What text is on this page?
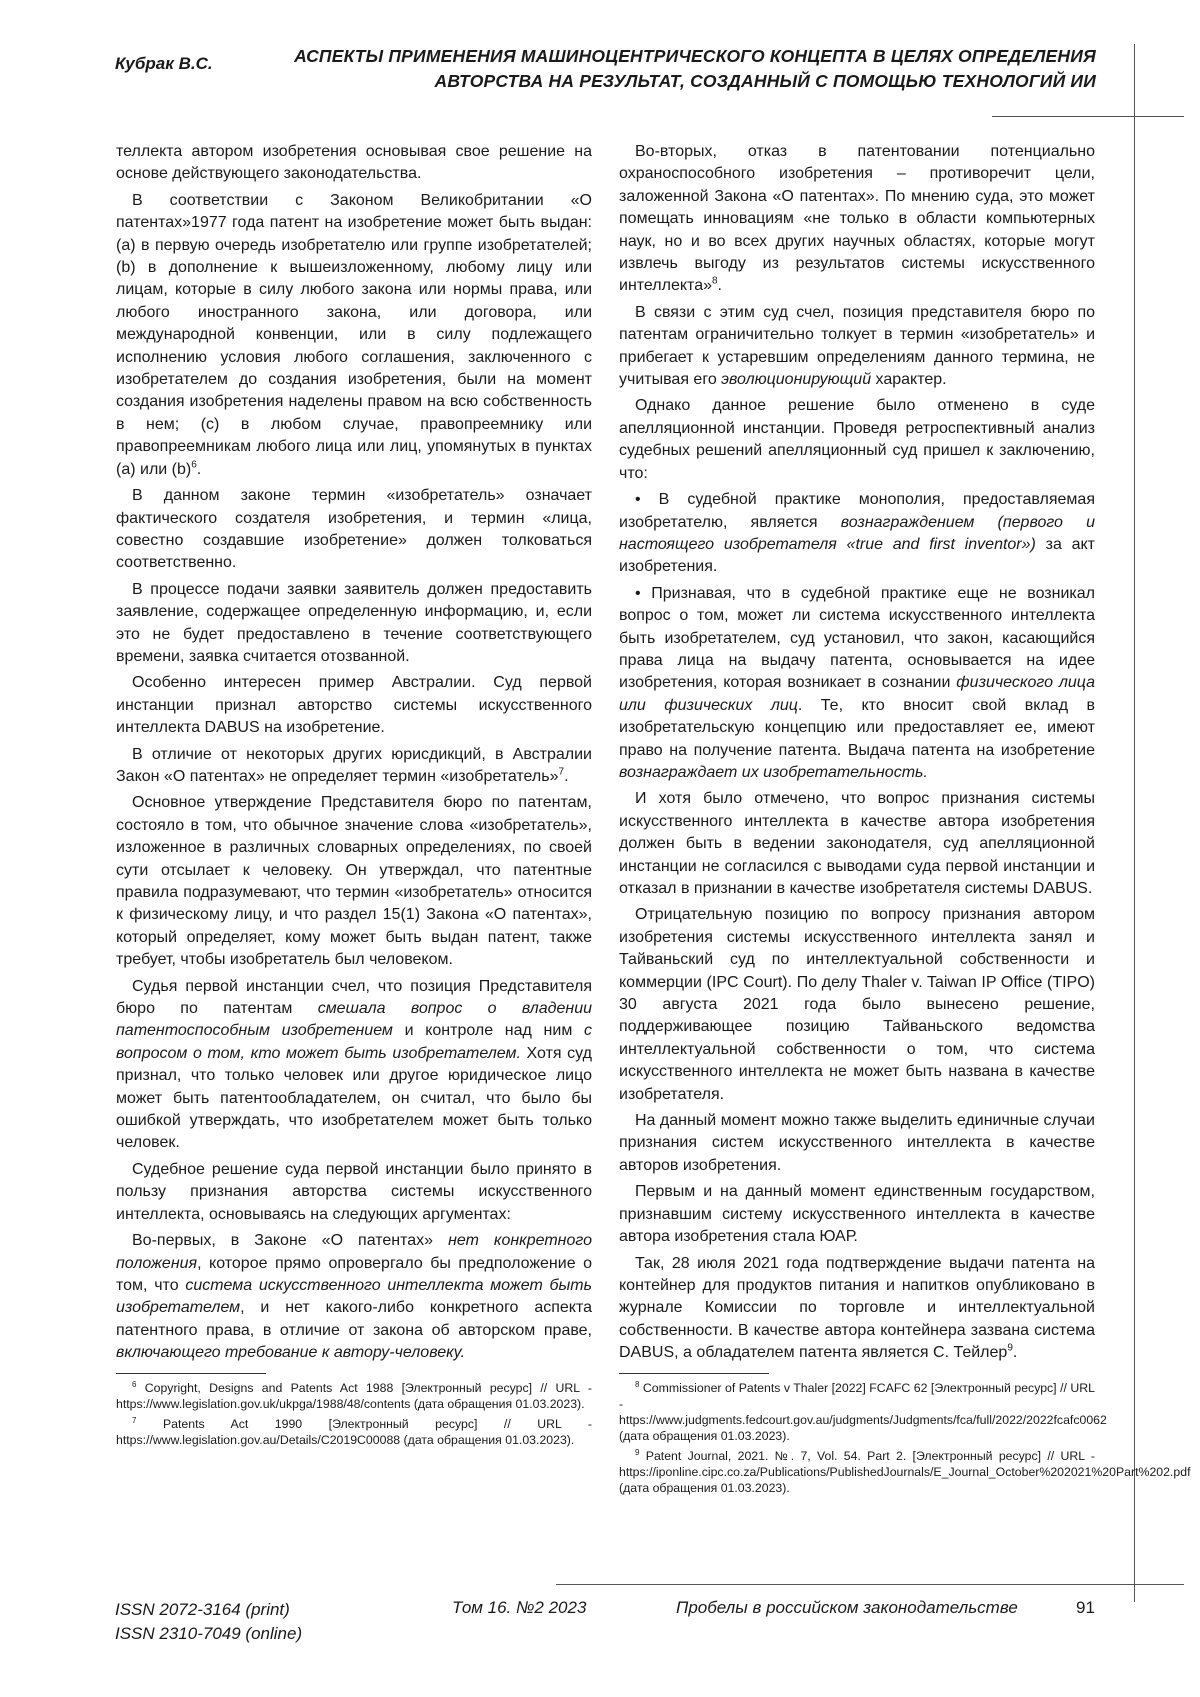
Кубрак В.С.	АСПЕКТЫ ПРИМЕНЕНИЯ МАШИНОЦЕНТРИЧЕСКОГО КОНЦЕПТА В ЦЕЛЯХ ОПРЕДЕЛЕНИЯ
АВТОРСТВА НА РЕЗУЛЬТАТ, СОЗДАННЫЙ С ПОМОЩЬЮ ТЕХНОЛОГИЙ ИИ

теллекта автором изобретения основывая свое решение на основе действующего законодательства.

В соответствии с Законом Великобритании «О патентах»1977 года патент на изобретение может быть выдан: (a) в первую очередь изобретателю или группе изобретателей; (b) в дополнение к вышеизложенному, любому лицу или лицам, которые в силу любого закона или нормы права, или любого иностранного закона, или договора, или международной конвенции, или в силу подлежащего исполнению условия любого соглашения, заключенного с изобретателем до создания изобретения, были на момент создания изобретения наделены правом на всю собственность в нем; (c) в любом случае, правопреемнику или правопреемникам любого лица или лиц, упомянутых в пунктах (a) или $(b)^6$.

В данном законе термин «изобретатель» означает фактического создателя изобретения, и термин «лица, совестно создавшие изобретение» должен толковаться соответственно.

В процессе подачи заявки заявитель должен предоставить заявление, содержащее определенную информацию, и, если это не будет предоставлено в течение соответствующего времени, заявка считается отозванной.

Особенно интересен пример Австралии. Суд первой инстанции признал авторство системы искусственного интеллекта DABUS на изобретение.

В отличие от некоторых других юрисдикций, в Австралии Закон «О патентах» не определяет термин «изобретатель»$^7$.

Основное утверждение Представителя бюро по патентам, состояло в том, что обычное значение слова «изобретатель», изложенное в различных словарных определениях, по своей сути отсылает к человеку. Он утверждал, что патентные правила подразумевают, что термин «изобретатель» относится к физическому лицу, и что раздел 15(1) Закона «О патентах», который определяет, кому может быть выдан патент, также требует, чтобы изобретатель был человеком.

Судья первой инстанции счел, что позиция Представителя бюро по патентам смешала вопрос о владении патентоспособным изобретением и контроле над ним с вопросом о том, кто может быть изобретателем. Хотя суд признал, что только человек или другое юридическое лицо может быть патентообладателем, он считал, что было бы ошибкой утверждать, что изобретателем может быть только человек.

Судебное решение суда первой инстанции было принято в пользу признания авторства системы искусственного интеллекта, основываясь на следующих аргументах:

Во-первых, в Законе «О патентах» нет конкретного положения, которое прямо опровергало бы предположение о том, что система искусственного интеллекта может быть изобретателем, и нет какого-либо конкретного аспекта патентного права, в отличие от закона об авторском праве, включающего требование к автору-человеку.

$^6$ Copyright, Designs and Patents Act 1988 [Электронный ресурс] // URL - https://www.legislation.gov.uk/ukpga/1988/48/contents (дата обращения 01.03.2023).

$^7$ Patents Act 1990 [Электронный ресурс] // URL - https://www.legislation.gov.au/Details/C2019C00088 (дата обращения 01.03.2023).

Во-вторых, отказ в патентовании потенциально охраноспособного изобретения – противоречит цели, заложенной Закона «О патентах». По мнению суда, это может помещать инновациям «не только в области компьютерных наук, но и во всех других научных областях, которые могут извлечь выгоду из результатов системы искусственного интеллекта»$^8$.

В связи с этим суд счел, позиция представителя бюро по патентам ограничительно толкует в термин «изобретатель» и прибегает к устаревшим определениям данного термина, не учитывая его эволюционирующий характер.

Однако данное решение было отменено в суде апелляционной инстанции. Проведя ретроспективный анализ судебных решений апелляционный суд пришел к заключению, что:

• В судебной практике монополия, предоставляемая изобретателю, является вознаграждением (первого и настоящего изобретателя «true and first inventor») за акт изобретения.

• Признавая, что в судебной практике еще не возникал вопрос о том, может ли система искусственного интеллекта быть изобретателем, суд установил, что закон, касающийся права лица на выдачу патента, основывается на идее изобретения, которая возникает в сознании физического лица или физических лиц. Те, кто вносит свой вклад в изобретательскую концепцию или предоставляет ее, имеют право на получение патента. Выдача патента на изобретение вознаграждает их изобретательность.

И хотя было отмечено, что вопрос признания системы искусственного интеллекта в качестве автора изобретения должен быть в ведении законодателя, суд апелляционной инстанции не согласился с выводами суда первой инстанции и отказал в признании в качестве изобретателя системы DABUS.

Отрицательную позицию по вопросу признания автором изобретения системы искусственного интеллекта занял и Тайваньский суд по интеллектуальной собственности и коммерции (IPC Court). По делу Thaler v. Taiwan IP Office (TIPO) 30 августа 2021 года было вынесено решение, поддерживающее позицию Тайваньского ведомства интеллектуальной собственности о том, что система искусственного интеллекта не может быть названа в качестве изобретателя.

На данный момент можно также выделить единичные случаи признания систем искусственного интеллекта в качестве авторов изобретения.

Первым и на данный момент единственным государством, признавшим систему искусственного интеллекта в качестве автора изобретения стала ЮАР.

Так, 28 июля 2021 года подтверждение выдачи патента на контейнер для продуктов питания и напитков опубликовано в журнале Комиссии по торговле и интеллектуальной собственности. В качестве автора контейнера зазвана система DABUS, а обладателем патента является С. Тейлер$^9$.

$^8$ Commissioner of Patents v Thaler [2022] FCAFC 62 [Электронный ресурс] // URL - https://www.judgments.fedcourt.gov.au/judgments/Judgments/fca/full/2022/2022fcafc0062 (дата обращения 01.03.2023).

$^9$ Patent Journal, 2021. №. 7, Vol. 54. Part 2. [Электронный ресурс] // URL - https://iponline.cipc.co.za/Publications/PublishedJournals/E_Journal_October%202021%20Part%202.pdf (дата обращения 01.03.2023).

ISSN 2072-3164 (print)
ISSN 2310-7049 (online)
Том 16. №2 2023	Пробелы в российском законодательстве	91
